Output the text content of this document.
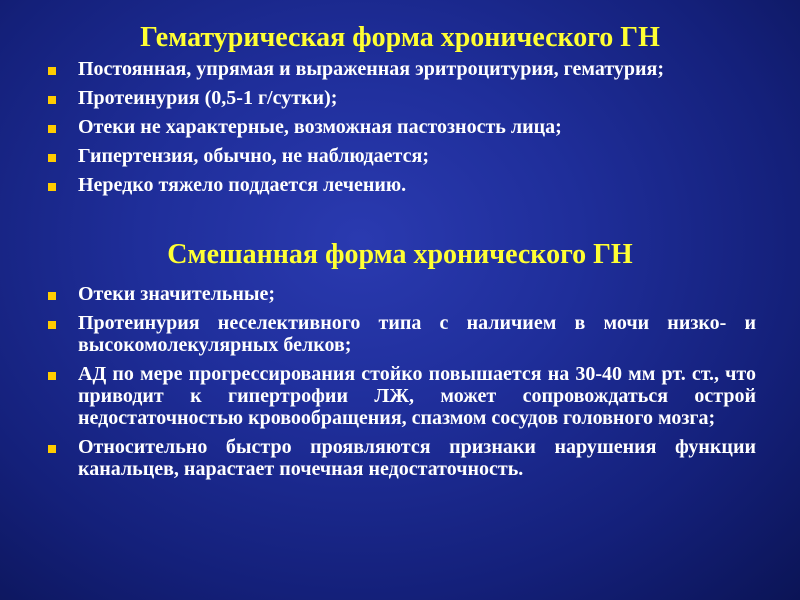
Гематурическая форма хронического ГН
Постоянная, упрямая и выраженная эритроцитурия, гематурия;
Протеинурия (0,5-1 г/сутки);
Отеки не характерные, возможная пастозность лица;
Гипертензия, обычно, не наблюдается;
Нередко тяжело поддается лечению.
Смешанная форма хронического ГН
Отеки значительные;
Протеинурия неселективного типа с наличием в мочи низко- и высокомолекулярных белков;
АД по мере прогрессирования стойко повышается на 30-40 мм рт. ст., что приводит к гипертрофии ЛЖ, может сопровождаться острой недостаточностью кровообращения, спазмом сосудов головного мозга;
Относительно быстро проявляются признаки нарушения функции канальцев, нарастает почечная недостаточность.
